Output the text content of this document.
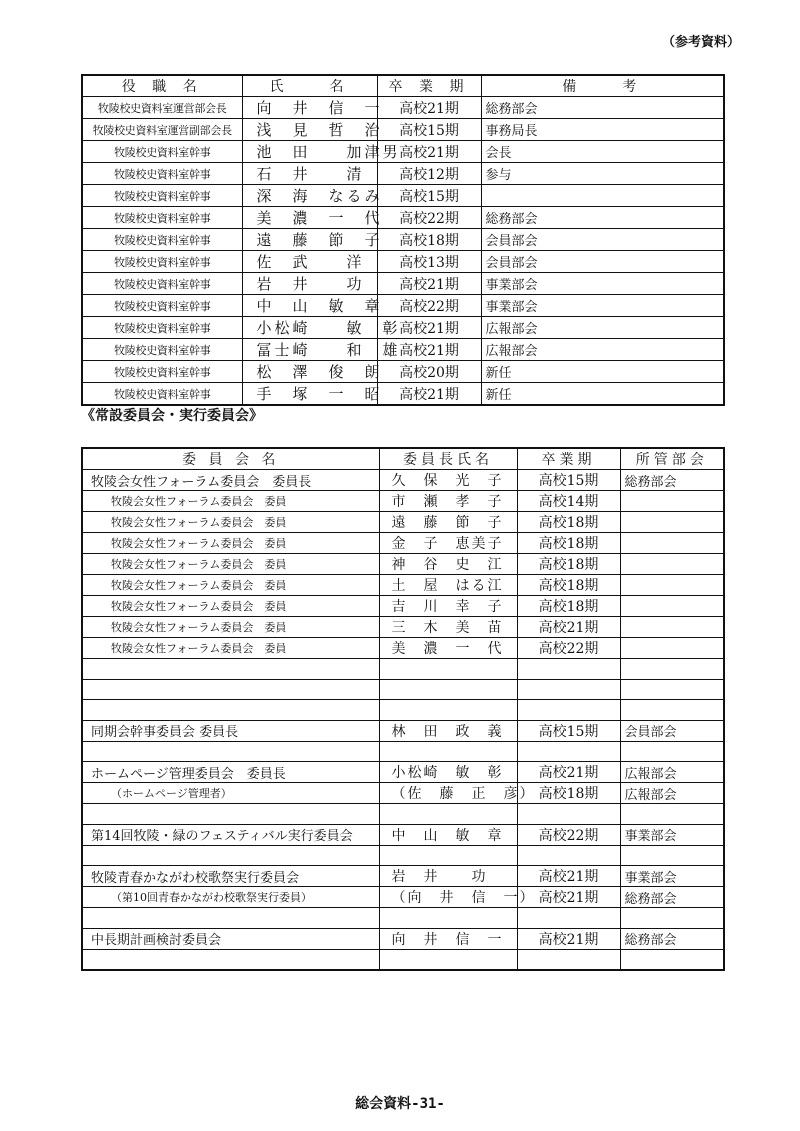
（参考資料）
役 職 名	氏　　名	卒 業 期	備　　考
牧陵校史資料室運営部会長	向　井　信　一	高校21期	総務部会
牧陵校史資料室運営副部会長	浅　見　哲　治	高校15期	事務局長
牧陵校史資料室幹事	池　田　　加津男	高校21期	会長
牧陵校史資料室幹事	石　井　　清	高校12期	参与
牧陵校史資料室幹事	深　海　なるみ	高校15期	
牧陵校史資料室幹事	美　濃　一　代	高校22期	総務部会
牧陵校史資料室幹事	遠　藤　節　子	高校18期	会員部会
牧陵校史資料室幹事	佐　武　　洋	高校13期	会員部会
牧陵校史資料室幹事	岩　井　　功	高校21期	事業部会
牧陵校史資料室幹事	中　山　敏　章	高校22期	事業部会
牧陵校史資料室幹事	小松崎　　敏　彰	高校21期	広報部会
牧陵校史資料室幹事	冨士崎　　和　雄	高校21期	広報部会
牧陵校史資料室幹事	松　澤　俊　朗	高校20期	新任
牧陵校史資料室幹事	手　塚　一　昭	高校21期	新任
《常設委員会・実行委員会》
委 員 会 名	委員長氏名	卒業期	所管部会
牧陵会女性フォーラム委員会　委員長	久　保　光　子	高校15期	総務部会
牧陵会女性フォーラム委員会　委員	市　瀬　孝　子	高校14期	
牧陵会女性フォーラム委員会　委員	遠　藤　節　子	高校18期	
牧陵会女性フォーラム委員会　委員	金　子　恵美子	高校18期	
牧陵会女性フォーラム委員会　委員	神　谷　史　江	高校18期	
牧陵会女性フォーラム委員会　委員	土　屋　はる江	高校18期	
牧陵会女性フォーラム委員会　委員	吉　川　幸　子	高校18期	
牧陵会女性フォーラム委員会　委員	三　木　美　苗	高校21期	
牧陵会女性フォーラム委員会　委員	美　濃　一　代	高校22期	

同期会幹事委員会 委員長	林　田　政　義	高校15期	会員部会

ホームページ管理委員会　委員長	小松崎　敏　彰	高校21期	広報部会
（ホームページ管理者）	（佐　藤　正　彦）	高校18期	広報部会

第14回牧陵・緑のフェスティバル実行委員会	中　山　敏　章	高校22期	事業部会

牧陵青春かながわ校歌祭実行委員会	岩　井　　功	高校21期	事業部会
（第10回青春かながわ校歌祭実行委員）	（向　井　信　一）	高校21期	総務部会

中長期計画検討委員会	向　井　信　一	高校21期	総務部会

総会資料-31-
